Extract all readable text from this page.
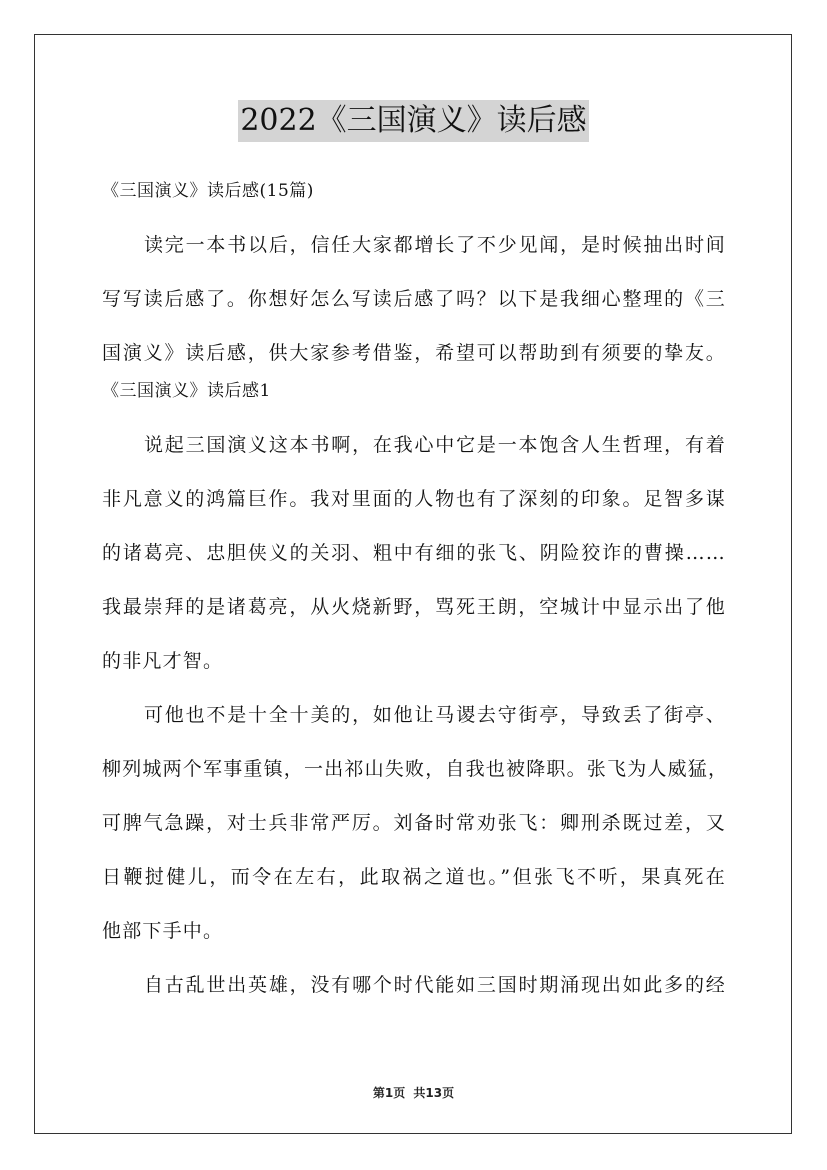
2022《三国演义》读后感
《三国演义》读后感(15篇)
读完一本书以后，信任大家都增长了不少见闻，是时候抽出时间
写写读后感了。你想好怎么写读后感了吗？以下是我细心整理的《三
国演义》读后感，供大家参考借鉴，希望可以帮助到有须要的挚友。
《三国演义》读后感1
说起三国演义这本书啊，在我心中它是一本饱含人生哲理，有着
非凡意义的鸿篇巨作。我对里面的人物也有了深刻的印象。足智多谋
的诸葛亮、忠胆侠义的关羽、粗中有细的张飞、阴险狡诈的曹操……
我最崇拜的是诸葛亮，从火烧新野，骂死王朗，空城计中显示出了他
的非凡才智。
可他也不是十全十美的，如他让马谡去守街亭，导致丢了街亭、
柳列城两个军事重镇，一出祁山失败，自我也被降职。张飞为人威猛，
可脾气急躁，对士兵非常严厉。刘备时常劝张飞：卿刑杀既过差，又
日鞭挝健儿，而令在左右，此取祸之道也。”但张飞不听，果真死在
他部下手中。
自古乱世出英雄，没有哪个时代能如三国时期涌现出如此多的经
第1页 共13页
